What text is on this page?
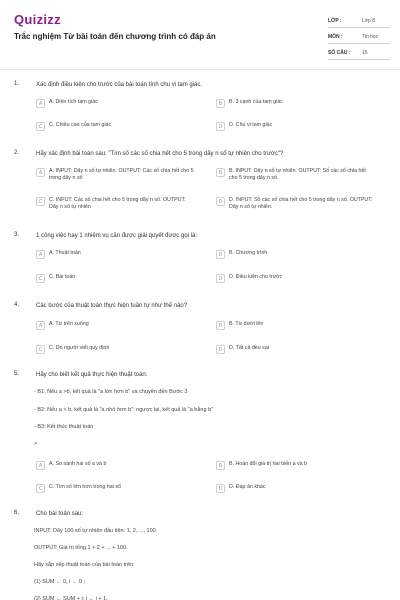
Quizizz
Trắc nghiệm Từ bài toán đến chương trình có đáp án
LỚP :	Lớp 8
MÔN :	Tin học
SỐ CÂU :	15
1.	Xác định điều kiện cho trước của bài toán tính chu vi tam giác.
A	A. Diện tích tam giác	B	B. 3 cạnh của tam giác
C	C. Chiều cao của tam giác	D	D. Chu vi tam giác
2.	Hãy xác định bài toán sau: "Tìm số các số chia hết cho 5 trong dãy n số tự nhiên cho trước"?
A	A. INPUT: Dãy n số tự nhiên. OUTPUT: Các số chia hết cho 5 trong dãy n số
B	B. INPUT: Dãy n số tự nhiên. OUTPUT: Số các số chia hết cho 5 trong dãy n số.
C	C. INPUT: Các số chia hết cho 5 trong dãy n số. OUTPUT: Dãy n số tự nhiên
D	D. INPUT: Số các số chia hết cho 5 trong dãy n số. OUTPUT: Dãy n số tự nhiên.
3.	1 công việc hay 1 nhiệm vụ cần được giải quyết được gọi là:
A	A. Thuật toán	B	B. Chương trình
C	C. Bài toán	D	D. Điều kiện cho trước
4.	Các bước của thuật toán thực hiện tuần tự như thế nào?
A	A. Từ trên xuống	B	B. Từ dưới lên
C	C. Do người viết quy định	D	D. Tất cả đều sai
5.	Hãy cho biết kết quả thực hiện thuật toán:
- B1: Nếu a >b, kết quả là "a lớn hơn b" và chuyển đến Bước 3
- B2: Nếu a < b, kết quả là "a nhỏ hơn b"; ngược lại, kết quả là "a bằng b"
- B3: Kết thúc thuật toán
>
A	A. So sánh hai số a và b	B	B. Hoán đổi giá trị hai biến a và b
C	C. Tìm số lớn hơn trong hai số	D	D. Đáp án khác
6.	Cho bài toán sau:
INPUT: Dãy 100 số tự nhiên đầu tiên: 1, 2, ..., 100.
OUTPUT: Giá trị tổng 1 + 2 + ... + 100.
Hãy sắp xếp thuật toán của bài toán trên:
(1) SUM ← 0, i ← 0 ;
(2) SUM ← SUM + i; i ← i + 1;
